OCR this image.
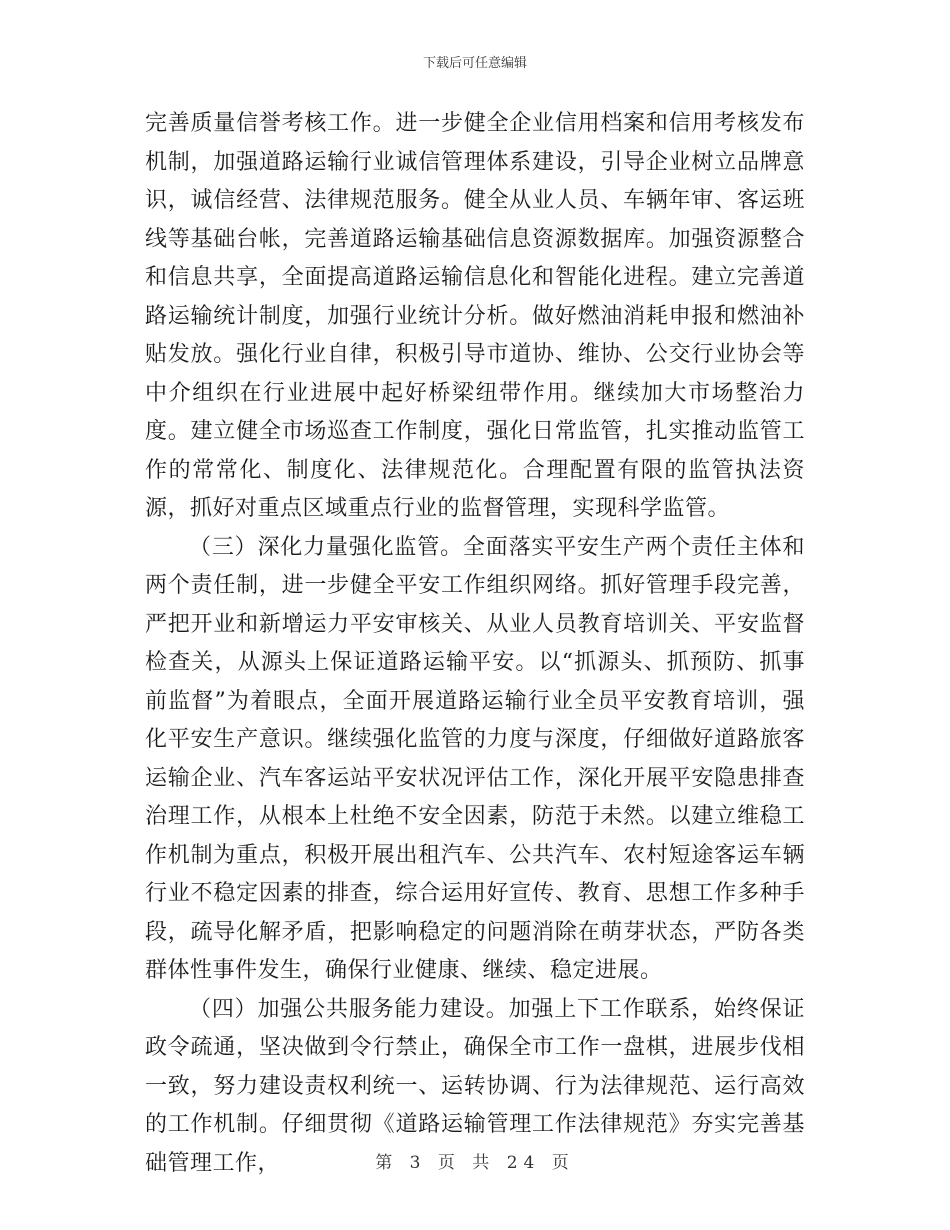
下载后可任意编辑

完善质量信誉考核工作。进一步健全企业信用档案和信用考核发布机制，加强道路运输行业诚信管理体系建设，引导企业树立品牌意识，诚信经营、法律规范服务。健全从业人员、车辆年审、客运班线等基础台帐，完善道路运输基础信息资源数据库。加强资源整合和信息共享，全面提高道路运输信息化和智能化进程。建立完善道路运输统计制度，加强行业统计分析。做好燃油消耗申报和燃油补贴发放。强化行业自律，积极引导市道协、维协、公交行业协会等中介组织在行业进展中起好桥梁纽带作用。继续加大市场整治力度。建立健全市场巡查工作制度，强化日常监管，扎实推动监管工作的常常化、制度化、法律规范化。合理配置有限的监管执法资源，抓好对重点区域重点行业的监督管理，实现科学监管。

（三）深化力量强化监管。全面落实平安生产两个责任主体和两个责任制，进一步健全平安工作组织网络。抓好管理手段完善，严把开业和新增运力平安审核关、从业人员教育培训关、平安监督检查关，从源头上保证道路运输平安。以“抓源头、抓预防、抓事前监督”为着眼点，全面开展道路运输行业全员平安教育培训，强化平安生产意识。继续强化监管的力度与深度，仔细做好道路旅客运输企业、汽车客运站平安状况评估工作，深化开展平安隐患排查治理工作，从根本上杜绝不安全因素，防范于未然。以建立维稳工作机制为重点，积极开展出租汽车、公共汽车、农村短途客运车辆行业不稳定因素的排查，综合运用好宣传、教育、思想工作多种手段，疏导化解矛盾，把影响稳定的问题消除在萌芽状态，严防各类群体性事件发生，确保行业健康、继续、稳定进展。

（四）加强公共服务能力建设。加强上下工作联系，始终保证政令疏通，坚决做到令行禁止，确保全市工作一盘棋，进展步伐相一致，努力建设责权利统一、运转协调、行为法律规范、运行高效的工作机制。仔细贯彻《道路运输管理工作法律规范》夯实完善基础管理工作，	第 3 页 共 24 页
